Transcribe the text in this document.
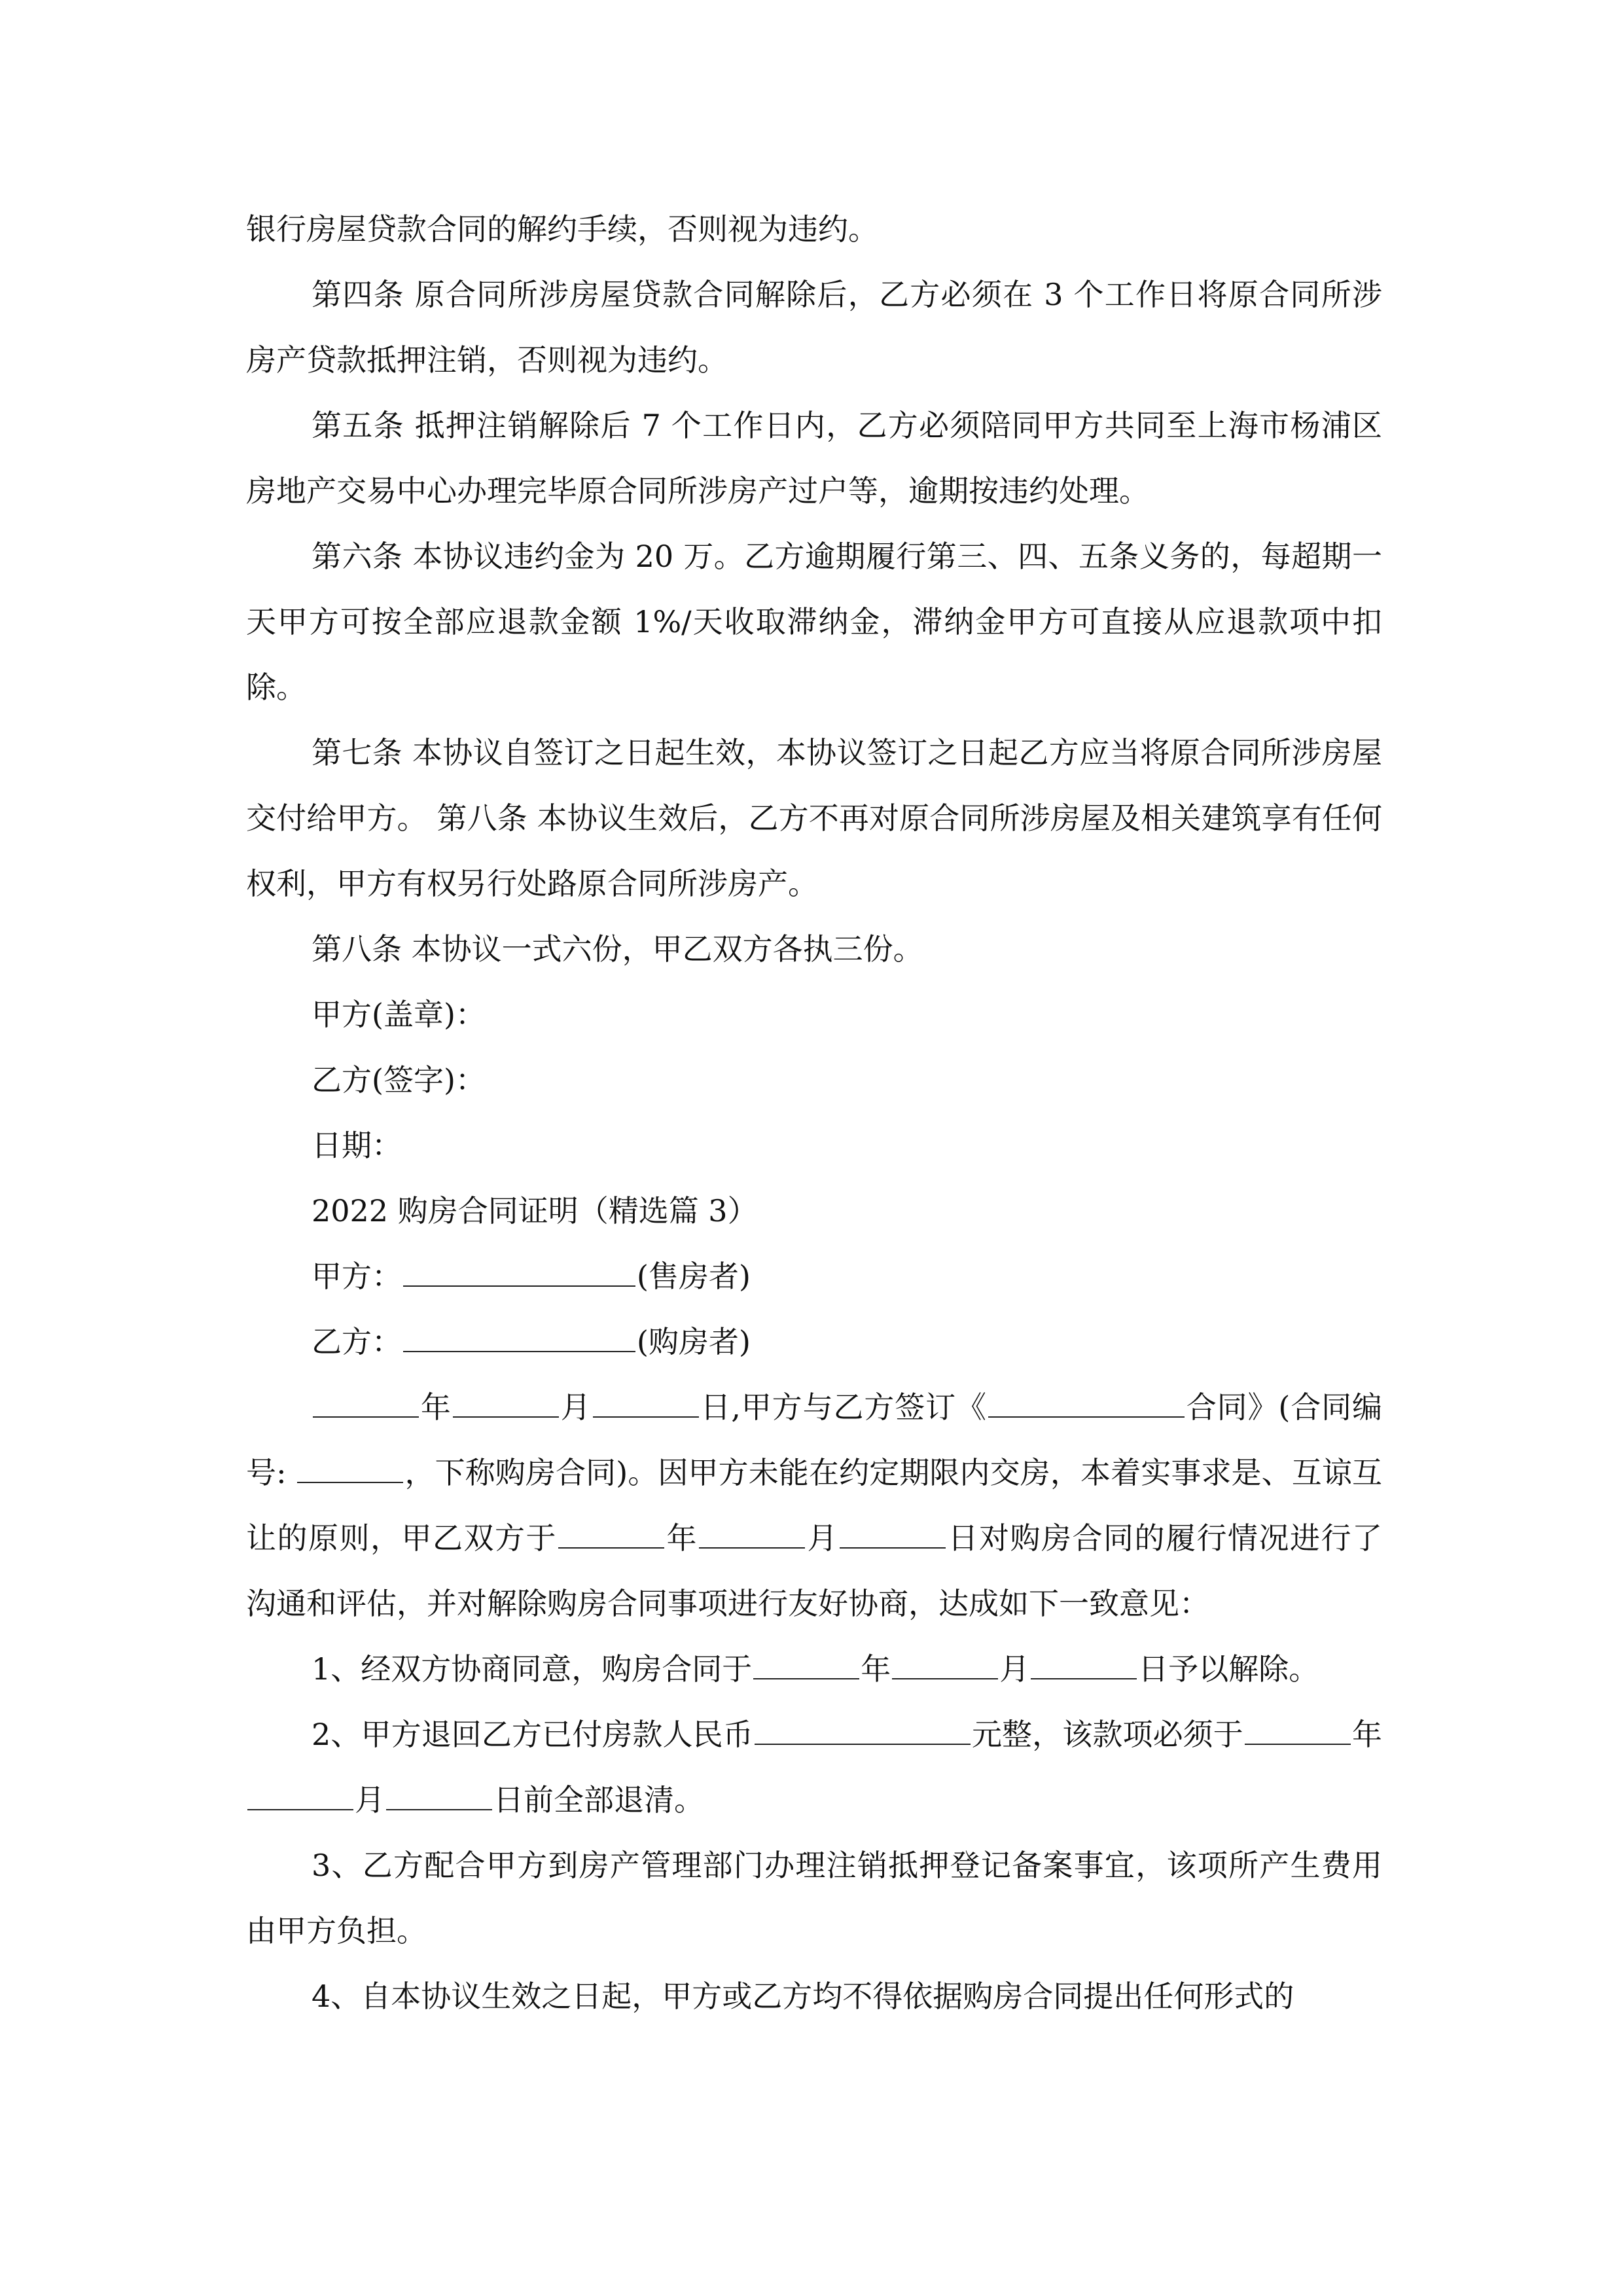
银行房屋贷款合同的解约手续，否则视为违约。

第四条 原合同所涉房屋贷款合同解除后，乙方必须在 3 个工作日将原合同所涉房产贷款抵押注销，否则视为违约。

第五条 抵押注销解除后 7 个工作日内，乙方必须陪同甲方共同至上海市杨浦区房地产交易中心办理完毕原合同所涉房产过户等，逾期按违约处理。

第六条 本协议违约金为 20 万。乙方逾期履行第三、四、五条义务的，每超期一天甲方可按全部应退款金额 1%/天收取滞纳金，滞纳金甲方可直接从应退款项中扣除。

第七条 本协议自签订之日起生效，本协议签订之日起乙方应当将原合同所涉房屋交付给甲方。 第八条 本协议生效后，乙方不再对原合同所涉房屋及相关建筑享有任何权利，甲方有权另行处路原合同所涉房产。

第八条 本协议一式六份，甲乙双方各执三份。

甲方(盖章)：

乙方(签字)：

日期：

2022 购房合同证明（精选篇 3）

甲方：	(售房者)

乙方：	(购房者)

年	月	日,甲方与乙方签订《	合同》(合同编号:	，下称购房合同)。因甲方未能在约定期限内交房，本着实事求是、互谅互让的原则，甲乙双方于	年	月	日对购房合同的履行情况进行了沟通和评估，并对解除购房合同事项进行友好协商，达成如下一致意见：

1、经双方协商同意，购房合同于	年	月	日予以解除。

2、甲方退回乙方已付房款人民币	元整，该款项必须于	年月	日前全部退清。

3、乙方配合甲方到房产管理部门办理注销抵押登记备案事宜，该项所产生费用由甲方负担。

4、自本协议生效之日起，甲方或乙方均不得依据购房合同提出任何形式的
